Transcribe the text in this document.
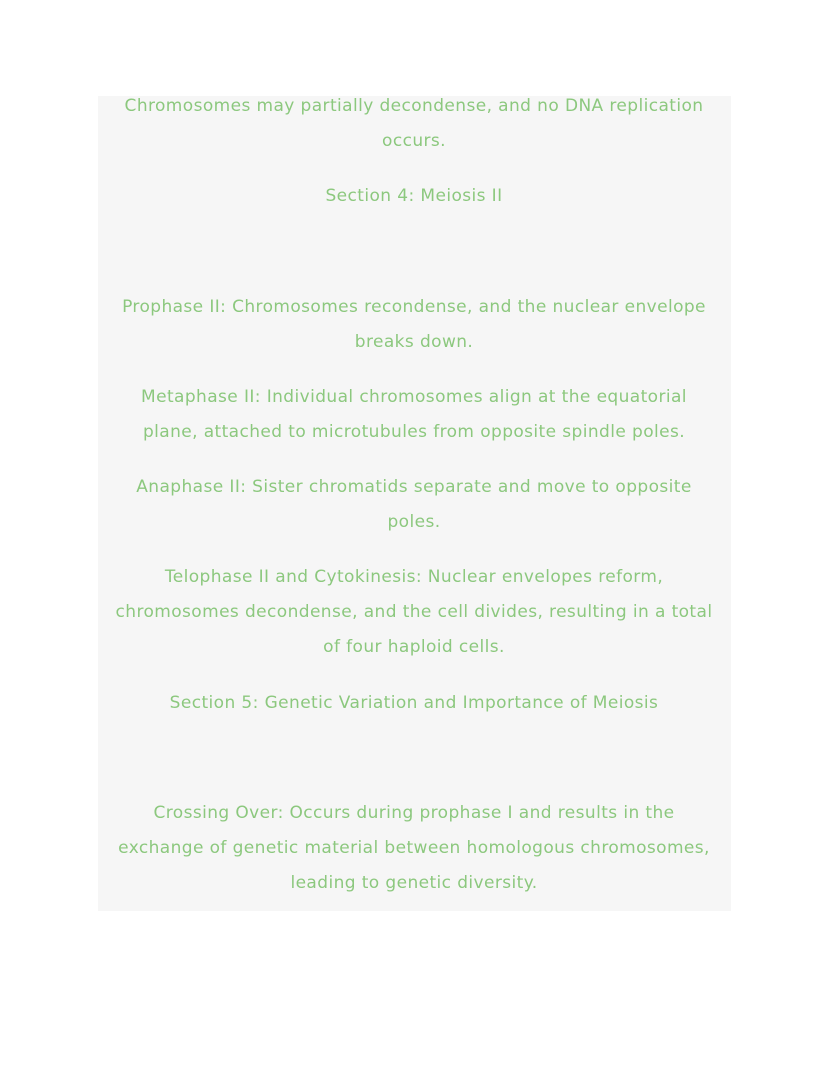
Chromosomes may partially decondense, and no DNA replication

occurs.

Section 4: Meiosis II

Prophase II: Chromosomes recondense, and the nuclear envelope

breaks down.

Metaphase II: Individual chromosomes align at the equatorial

plane, attached to microtubules from opposite spindle poles.

Anaphase II: Sister chromatids separate and move to opposite

poles.

Telophase II and Cytokinesis: Nuclear envelopes reform,

chromosomes decondense, and the cell divides, resulting in a total

of four haploid cells.

Section 5: Genetic Variation and Importance of Meiosis

Crossing Over: Occurs during prophase I and results in the

exchange of genetic material between homologous chromosomes,

leading to genetic diversity.
